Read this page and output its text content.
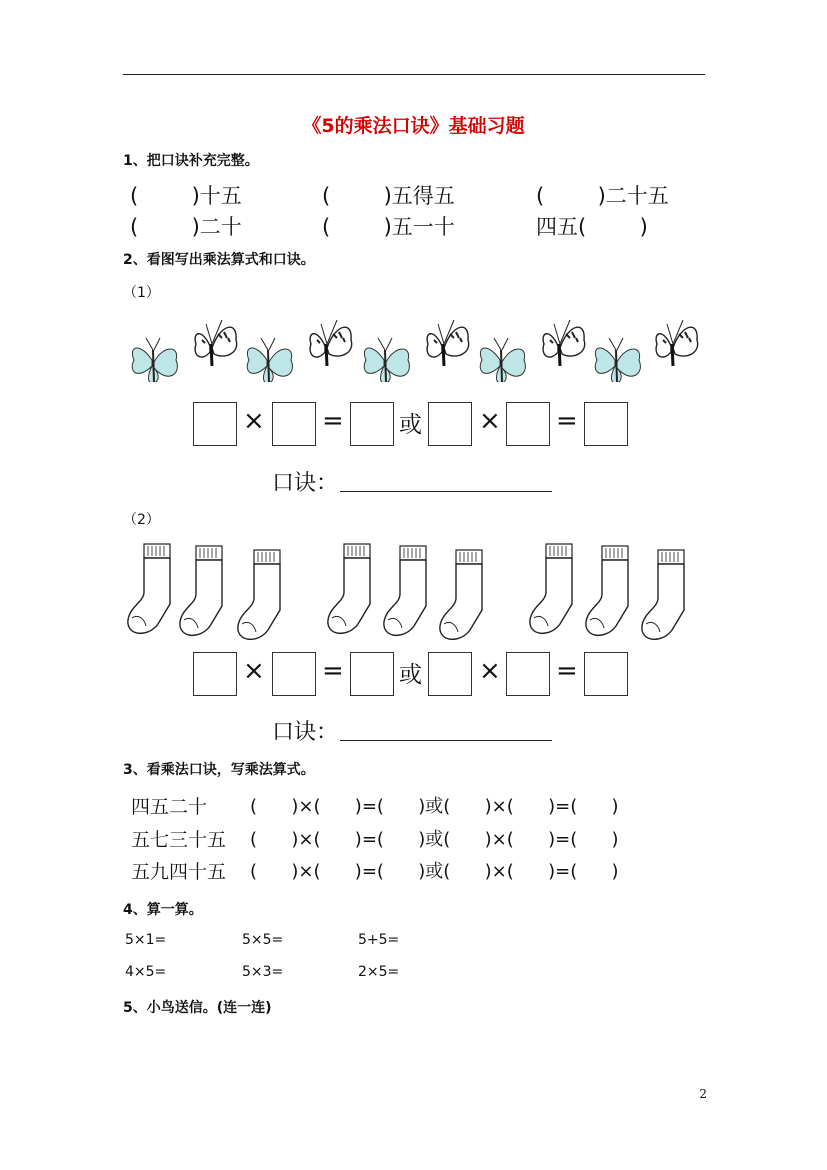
《5的乘法口诀》基础习题
1、把口诀补充完整。
(        )十五	(        )五得五	(        )二十五
(        )二十	(        )五一十	四五(        )
2、看图写出乘法算式和口诀。
（1）
× = 或 × =
口诀：
（2）
× = 或 × =
口诀：
3、看乘法口诀，写乘法算式。
四五二十 (      )×(      )=(      )或(      )×(      )=(      )
五七三十五 (      )×(      )=(      )或(      )×(      )=(      )
五九四十五 (      )×(      )=(      )或(      )×(      )=(      )
4、算一算。
5×1=	5×5=	5+5=
4×5=	5×3=	2×5=
5、小鸟送信。(连一连)
2
